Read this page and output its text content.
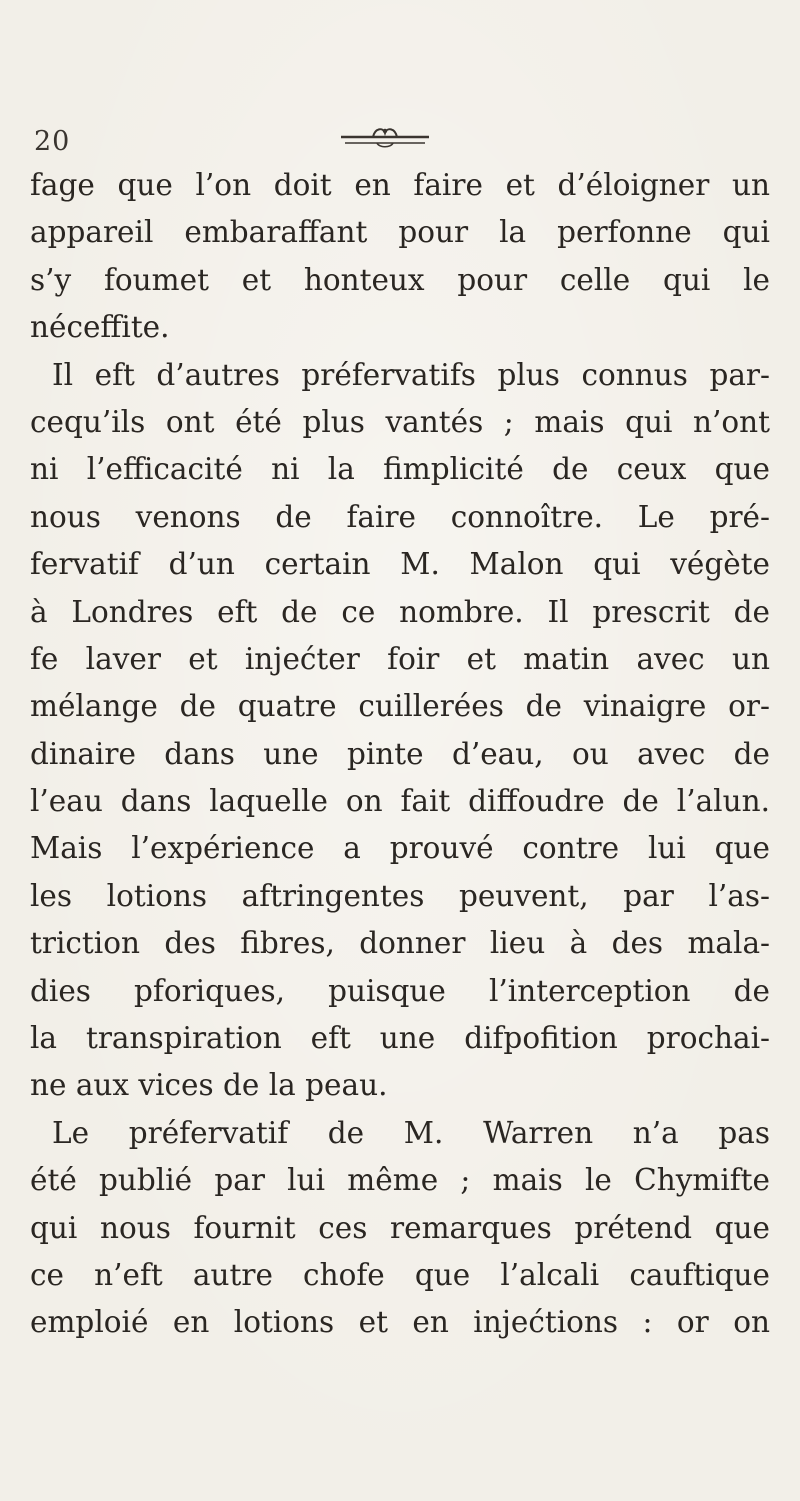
20
fage que l’on doit en faire et d’éloigner un
appareil embaraffant pour la perfonne qui
s’y foumet et honteux pour celle qui le
néceffite.
Il eft d’autres préfervatifs plus connus par-
cequ’ils ont été plus vantés ; mais qui n’ont
ni l’efficacité ni la fimplicité de ceux que
nous venons de faire connoître. Le pré-
fervatif d’un certain M. Malon qui végète
à Londres eft de ce nombre. Il prescrit de
fe laver et injećter foir et matin avec un
mélange de quatre cuillerées de vinaigre or-
dinaire dans une pinte d’eau, ou avec de
l’eau dans laquelle on fait diffoudre de l’alun.
Mais l’expérience a prouvé contre lui que
les lotions aftringentes peuvent, par l’as-
triction des fibres, donner lieu à des mala-
dies pforiques, puisque l’interception de
la transpiration eft une difpofition prochai-
ne aux vices de la peau.
Le préfervatif de M. Warren n’a pas
été publié par lui même ; mais le Chymifte
qui nous fournit ces remarques prétend que
ce n’eft autre chofe que l’alcali cauftique
emploié en lotions et en injećtions : or on
